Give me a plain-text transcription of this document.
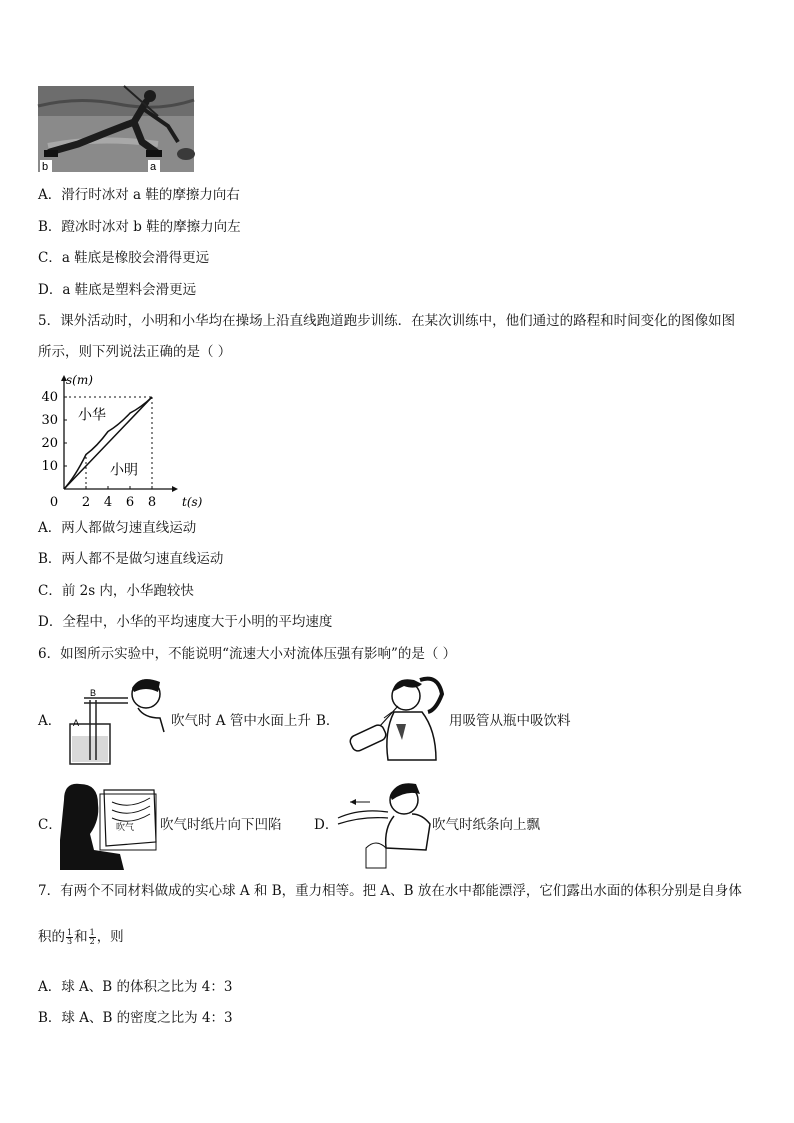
b	a
A．滑行时冰对 a 鞋的摩擦力向右
B．蹬冰时冰对 b 鞋的摩擦力向左
C．a 鞋底是橡胶会滑得更远
D．a 鞋底是塑料会滑更远
5．课外活动时，小明和小华均在操场上沿直线跑道跑步训练．在某次训练中，他们通过的路程和时间变化的图像如图
所示，则下列说法正确的是（ ）
10
20
30
40
0 2 4 6 8
s(m)
t(s)
小华
小明
A．两人都做匀速直线运动
B．两人都不是做匀速直线运动
C．前 2s 内，小华跑较快
D．全程中，小华的平均速度大于小明的平均速度
6．如图所示实验中，不能说明“流速大小对流体压强有影响”的是（ ）
A． A
B
吹气时 A 管中水面上升 B．	用吸管从瓶中吸饮料
C．	吹气 吹气时纸片向下凹陷 D．	吹气时纸条向上飘
7．有两个不同材料做成的实心球 A 和 B，重力相等。把 A、B 放在水中都能漂浮，它们露出水面的体积分别是自身体
积的 $\frac{1}{3}$ 和 $\frac{1}{2}$ ，则
A．球 A、B 的体积之比为 4：3
B．球 A、B 的密度之比为 4：3
